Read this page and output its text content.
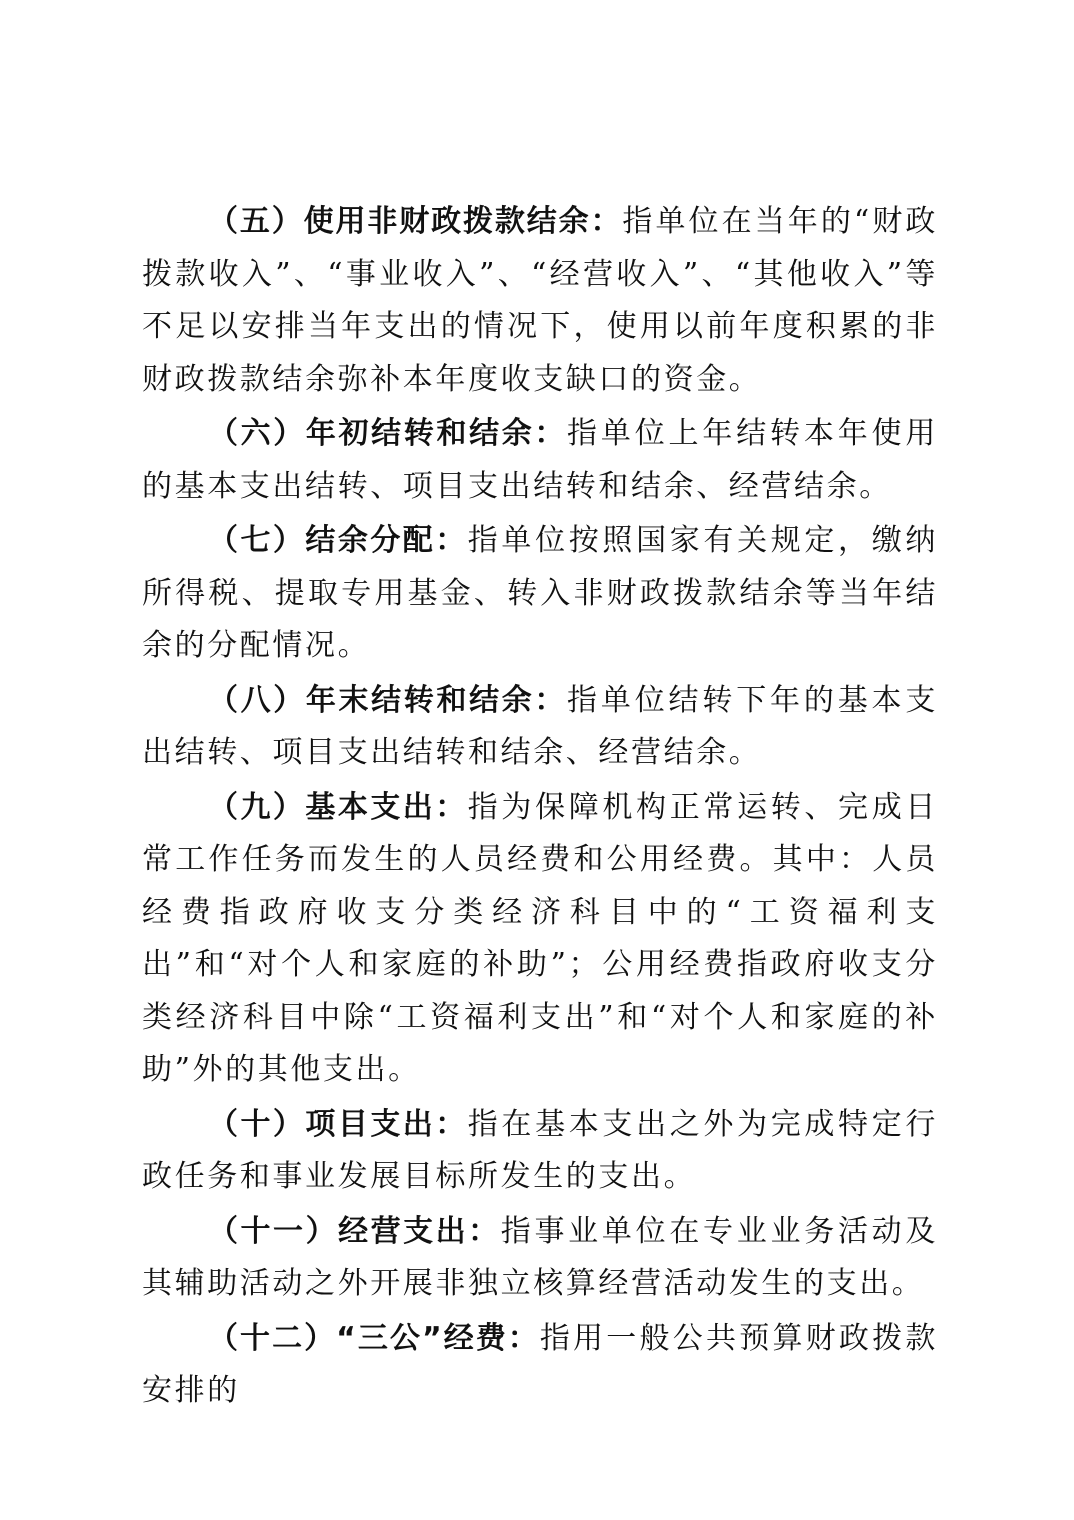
（五）使用非财政拨款结余：指单位在当年的“财政拨款收入”、“事业收入”、“经营收入”、“其他收入”等不足以安排当年支出的情况下，使用以前年度积累的非财政拨款结余弥补本年度收支缺口的资金。

（六）年初结转和结余：指单位上年结转本年使用的基本支出结转、项目支出结转和结余、经营结余。

（七）结余分配：指单位按照国家有关规定，缴纳所得税、提取专用基金、转入非财政拨款结余等当年结余的分配情况。

（八）年末结转和结余：指单位结转下年的基本支出结转、项目支出结转和结余、经营结余。

（九）基本支出：指为保障机构正常运转、完成日常工作任务而发生的人员经费和公用经费。其中：人员经费指政府收支分类经济科目中的“工资福利支出”和“对个人和家庭的补助”；公用经费指政府收支分类经济科目中除“工资福利支出”和“对个人和家庭的补助”外的其他支出。

（十）项目支出：指在基本支出之外为完成特定行政任务和事业发展目标所发生的支出。

（十一）经营支出：指事业单位在专业业务活动及其辅助活动之外开展非独立核算经营活动发生的支出。

（十二）“三公”经费：指用一般公共预算财政拨款安排的
